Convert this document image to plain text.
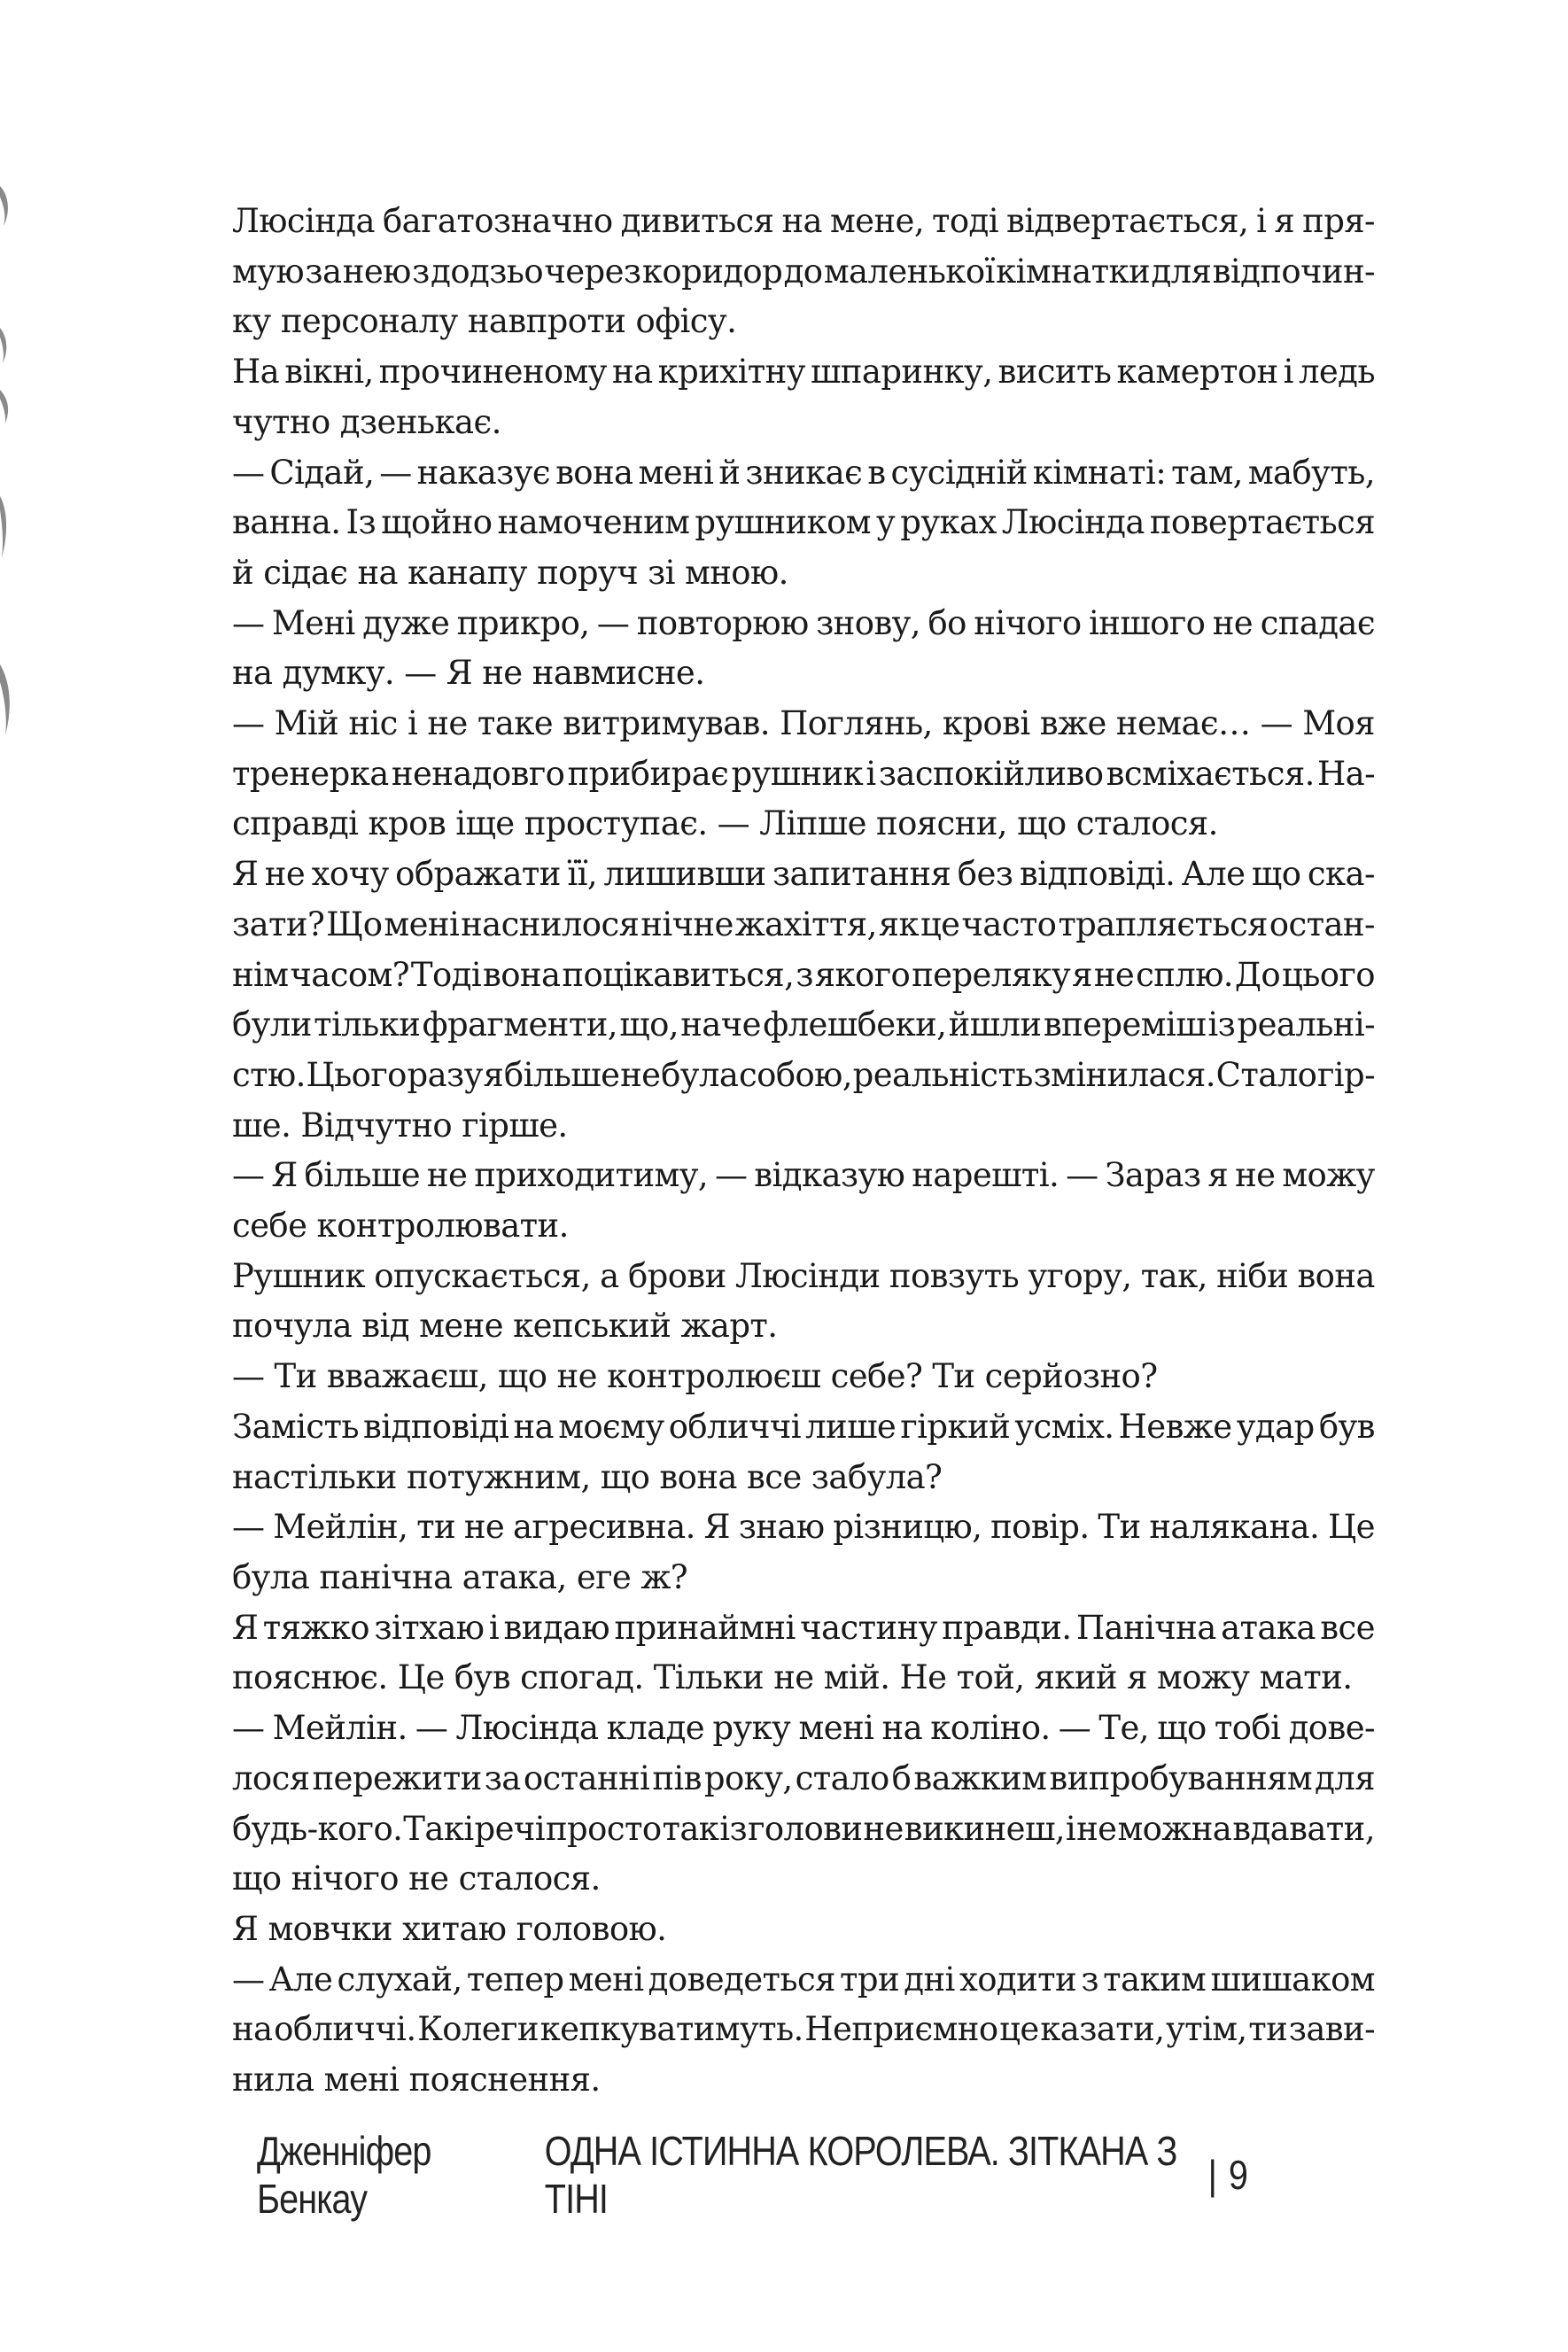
Люсінда багатозначно дивиться на мене, тоді відвертається, і я пря-

мую за нею з додзьо через коридор до маленької кімнатки для відпочин-

ку персоналу навпроти офісу.

На вікні, прочиненому на крихітну шпаринку, висить камертон і ледь

чутно дзенькає.

— Сідай, — наказує вона мені й зникає в сусідній кімнаті: там, мабуть,

ванна. Із щойно намоченим рушником у руках Люсінда повертається

й сідає на канапу поруч зі мною.

— Мені дуже прикро, — повторюю знову, бо нічого іншого не спадає

на думку. — Я не навмисне.

— Мій ніс і не таке витримував. Поглянь, крові вже немає… — Моя

тренерка ненадовго прибирає рушник і заспокійливо всміхається. На-

справді кров іще проступає. — Ліпше поясни, що сталося.

Я не хочу ображати її, лишивши запитання без відповіді. Але що ска-

зати? Що мені наснилося нічне жахіття, як це часто трапляється остан-

нім часом? Тоді вона поцікавиться, з якого переляку я не сплю. До цього

були тільки фрагменти, що, наче флешбеки, йшли впереміш із реальні-

стю. Цього разу я більше не була собою, реальність змінилася. Стало гір-

ше. Відчутно гірше.

— Я більше не приходитиму, — відказую нарешті. — Зараз я не можу

себе контролювати.

Рушник опускається, а брови Люсінди повзуть угору, так, ніби вона

почула від мене кепський жарт.

— Ти вважаєш, що не контролюєш себе? Ти серйозно?

Замість відповіді на моєму обличчі лише гіркий усміх. Невже удар був

настільки потужним, що вона все забула?

— Мейлін, ти не агресивна. Я знаю різницю, повір. Ти налякана. Це

була панічна атака, еге ж?

Я тяжко зітхаю і видаю принаймні частину правди. Панічна атака все

пояснює. Це був спогад. Тільки не мій. Не той, який я можу мати.

— Мейлін. — Люсінда кладе руку мені на коліно. — Те, що тобі дове-

лося пережити за останні пів року, стало б важким випробуванням для

будь-кого. Такі речі просто так із голови не викинеш, і не можна вдавати,

що нічого не сталося.

Я мовчки хитаю головою.

— Але слухай, тепер мені доведеться три дні ходити з таким шишаком

на обличчі. Колеги кепкуватимуть. Неприємно це казати, утім, ти зави-

нила мені пояснення.

Дженніфер Бенкау
ОДНА ІСТИННА КОРОЛЕВА. ЗІТКАНА З ТІНІ
| 9
